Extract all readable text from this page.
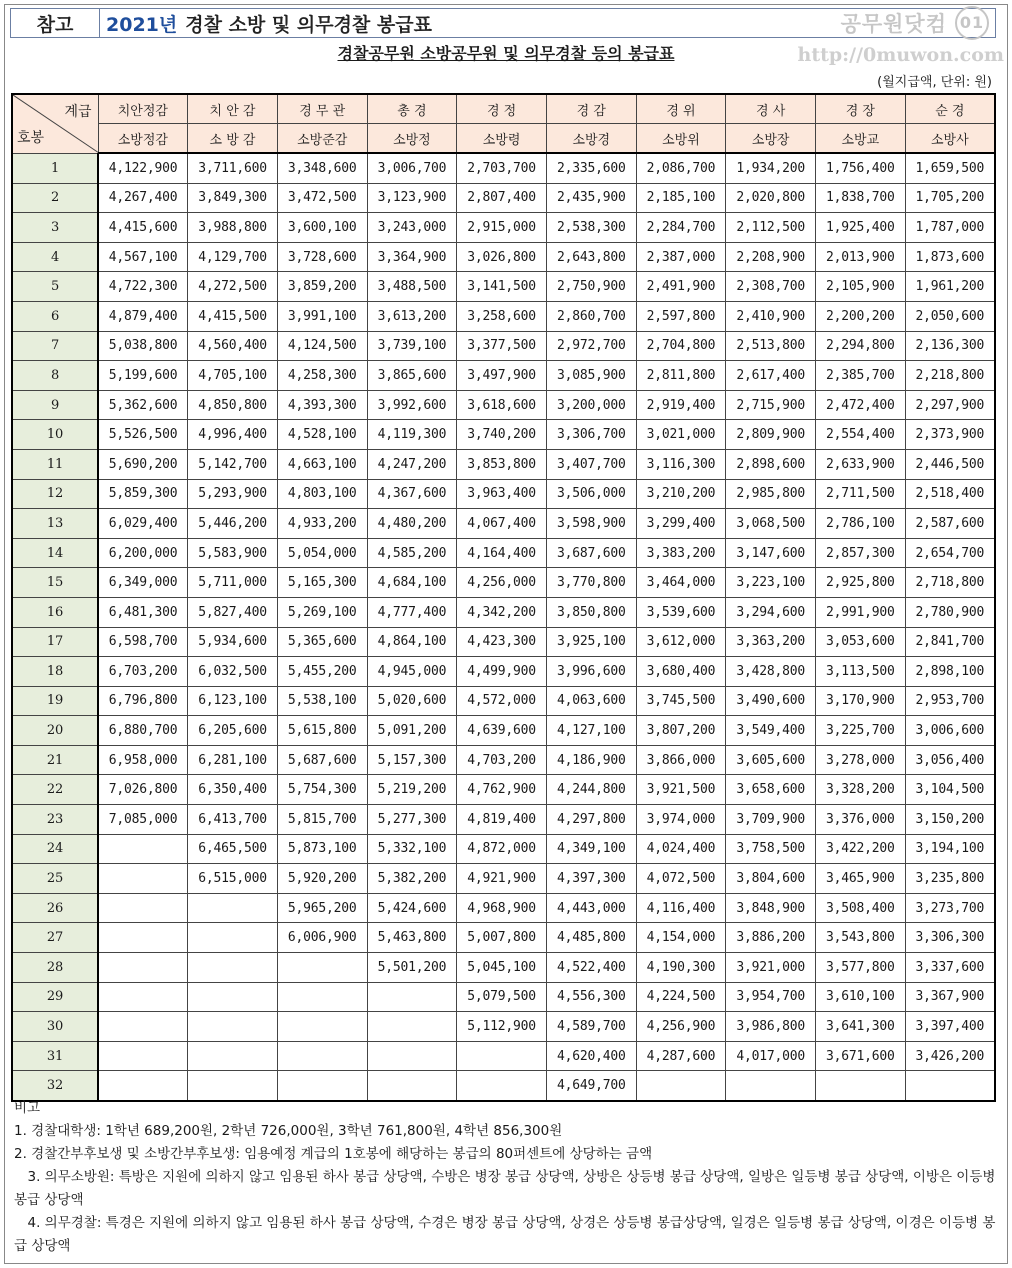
참고	2021년 경찰 소방 및 의무경찰 봉급표	공무원닷컴 01
경찰공무원 소방공무원 및 의무경찰 등의 봉급표	http://0muwon.com
(월지급액, 단위: 원)
계급
호봉	치안정감	치 안 감	경 무 관	총 경	경 정	경 감	경 위	경 사	경 장	순 경
	소방정감	소 방 감	소방준감	소방정	소방령	소방경	소방위	소방장	소방교	소방사
1	4,122,900	3,711,600	3,348,600	3,006,700	2,703,700	2,335,600	2,086,700	1,934,200	1,756,400	1,659,500
2	4,267,400	3,849,300	3,472,500	3,123,900	2,807,400	2,435,900	2,185,100	2,020,800	1,838,700	1,705,200
3	4,415,600	3,988,800	3,600,100	3,243,000	2,915,000	2,538,300	2,284,700	2,112,500	1,925,400	1,787,000
4	4,567,100	4,129,700	3,728,600	3,364,900	3,026,800	2,643,800	2,387,000	2,208,900	2,013,900	1,873,600
5	4,722,300	4,272,500	3,859,200	3,488,500	3,141,500	2,750,900	2,491,900	2,308,700	2,105,900	1,961,200
6	4,879,400	4,415,500	3,991,100	3,613,200	3,258,600	2,860,700	2,597,800	2,410,900	2,200,200	2,050,600
7	5,038,800	4,560,400	4,124,500	3,739,100	3,377,500	2,972,700	2,704,800	2,513,800	2,294,800	2,136,300
8	5,199,600	4,705,100	4,258,300	3,865,600	3,497,900	3,085,900	2,811,800	2,617,400	2,385,700	2,218,800
9	5,362,600	4,850,800	4,393,300	3,992,600	3,618,600	3,200,000	2,919,400	2,715,900	2,472,400	2,297,900
10	5,526,500	4,996,400	4,528,100	4,119,300	3,740,200	3,306,700	3,021,000	2,809,900	2,554,400	2,373,900
11	5,690,200	5,142,700	4,663,100	4,247,200	3,853,800	3,407,700	3,116,300	2,898,600	2,633,900	2,446,500
12	5,859,300	5,293,900	4,803,100	4,367,600	3,963,400	3,506,000	3,210,200	2,985,800	2,711,500	2,518,400
13	6,029,400	5,446,200	4,933,200	4,480,200	4,067,400	3,598,900	3,299,400	3,068,500	2,786,100	2,587,600
14	6,200,000	5,583,900	5,054,000	4,585,200	4,164,400	3,687,600	3,383,200	3,147,600	2,857,300	2,654,700
15	6,349,000	5,711,000	5,165,300	4,684,100	4,256,000	3,770,800	3,464,000	3,223,100	2,925,800	2,718,800
16	6,481,300	5,827,400	5,269,100	4,777,400	4,342,200	3,850,800	3,539,600	3,294,600	2,991,900	2,780,900
17	6,598,700	5,934,600	5,365,600	4,864,100	4,423,300	3,925,100	3,612,000	3,363,200	3,053,600	2,841,700
18	6,703,200	6,032,500	5,455,200	4,945,000	4,499,900	3,996,600	3,680,400	3,428,800	3,113,500	2,898,100
19	6,796,800	6,123,100	5,538,100	5,020,600	4,572,000	4,063,600	3,745,500	3,490,600	3,170,900	2,953,700
20	6,880,700	6,205,600	5,615,800	5,091,200	4,639,600	4,127,100	3,807,200	3,549,400	3,225,700	3,006,600
21	6,958,000	6,281,100	5,687,600	5,157,300	4,703,200	4,186,900	3,866,000	3,605,600	3,278,000	3,056,400
22	7,026,800	6,350,400	5,754,300	5,219,200	4,762,900	4,244,800	3,921,500	3,658,600	3,328,200	3,104,500
23	7,085,000	6,413,700	5,815,700	5,277,300	4,819,400	4,297,800	3,974,000	3,709,900	3,376,000	3,150,200
24		6,465,500	5,873,100	5,332,100	4,872,000	4,349,100	4,024,400	3,758,500	3,422,200	3,194,100
25		6,515,000	5,920,200	5,382,200	4,921,900	4,397,300	4,072,500	3,804,600	3,465,900	3,235,800
26			5,965,200	5,424,600	4,968,900	4,443,000	4,116,400	3,848,900	3,508,400	3,273,700
27			6,006,900	5,463,800	5,007,800	4,485,800	4,154,000	3,886,200	3,543,800	3,306,300
28				5,501,200	5,045,100	4,522,400	4,190,300	3,921,000	3,577,800	3,337,600
29					5,079,500	4,556,300	4,224,500	3,954,700	3,610,100	3,367,900
30					5,112,900	4,589,700	4,256,900	3,986,800	3,641,300	3,397,400
31						4,620,400	4,287,600	4,017,000	3,671,600	3,426,200
32						4,649,700				
비고
1. 경찰대학생: 1학년 689,200원, 2학년 726,000원, 3학년 761,800원, 4학년 856,300원
2. 경찰간부후보생 및 소방간부후보생: 임용예정 계급의 1호봉에 해당하는 봉급의 80퍼센트에 상당하는 금액
　3. 의무소방원: 특방은 지원에 의하지 않고 임용된 하사 봉급 상당액, 수방은 병장 봉급 상당액, 상방은 상등병 봉급 상당액, 일방은 일등병 봉급 상당액, 이방은 이등병 봉급 상당액
　4. 의무경찰: 특경은 지원에 의하지 않고 임용된 하사 봉급 상당액, 수경은 병장 봉급 상당액, 상경은 상등병 봉급상당액, 일경은 일등병 봉급 상당액, 이경은 이등병 봉급 상당액
